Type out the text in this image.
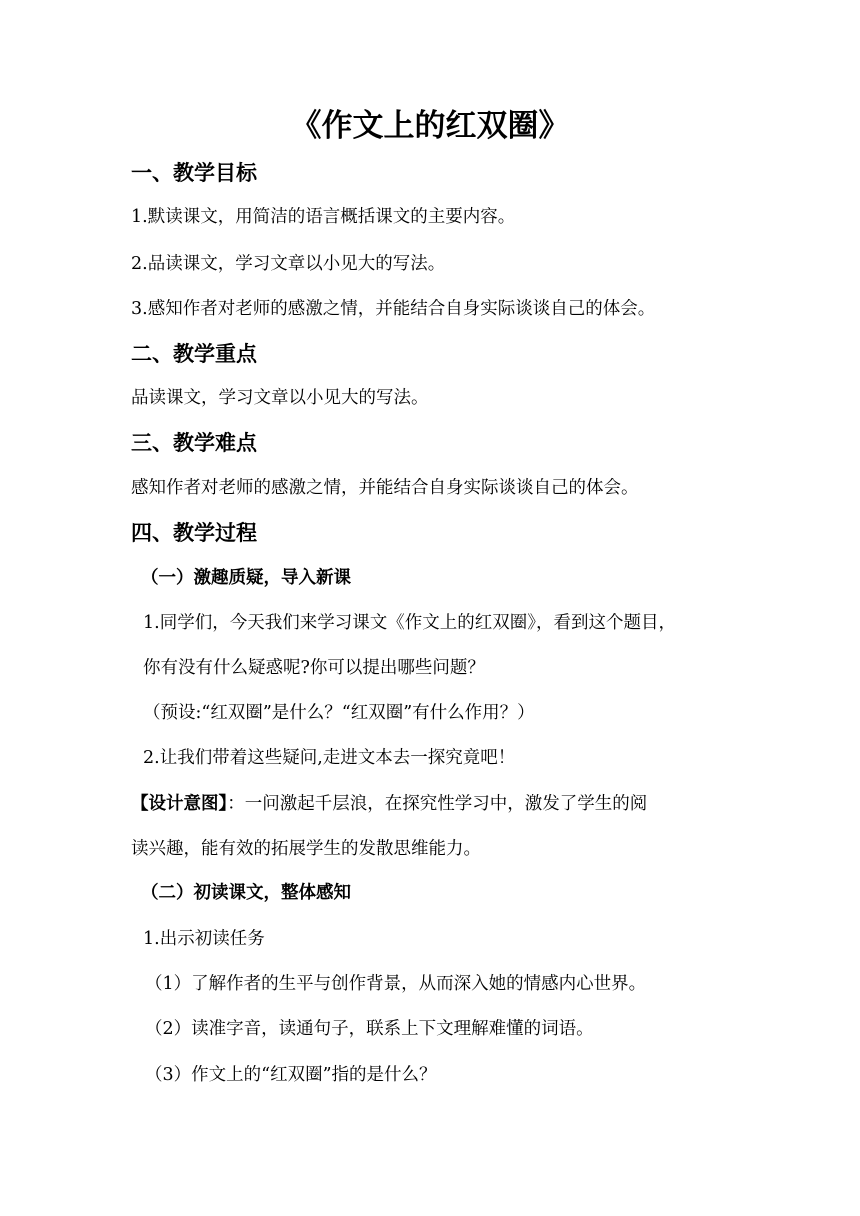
《作文上的红双圈》
一、教学目标

1.默读课文，用简洁的语言概括课文的主要内容。

2.品读课文，学习文章以小见大的写法。

3.感知作者对老师的感激之情，并能结合自身实际谈谈自己的体会。

二、教学重点

品读课文，学习文章以小见大的写法。

三、教学难点

感知作者对老师的感激之情，并能结合自身实际谈谈自己的体会。

四、教学过程
（一）激趣质疑，导入新课

1.同学们，今天我们来学习课文《作文上的红双圈》，看到这个题目，

你有没有什么疑惑呢?你可以提出哪些问题？

（预设:“红双圈”是什么？“红双圈”有什么作用？）

2.让我们带着这些疑问,走进文本去一探究竟吧！

【设计意图】：一问激起千层浪，在探究性学习中，激发了学生的阅

读兴趣，能有效的拓展学生的发散思维能力。

（二）初读课文，整体感知

1.出示初读任务

（1）了解作者的生平与创作背景，从而深入她的情感内心世界。

（2）读准字音，读通句子，联系上下文理解难懂的词语。

（3）作文上的“红双圈”指的是什么？
